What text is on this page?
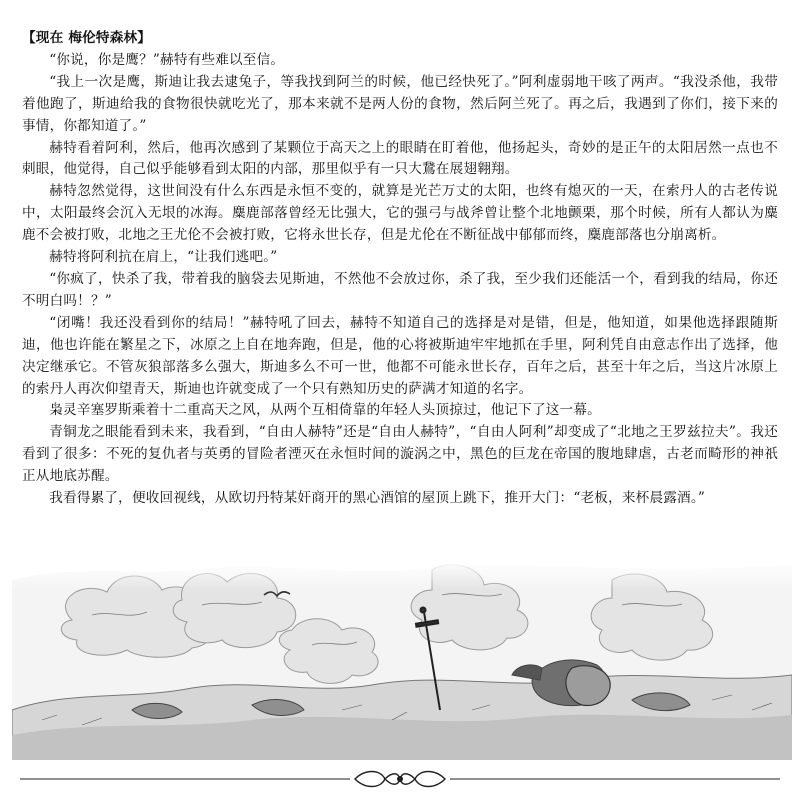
【现在 梅伦特森林】

“你说，你是鹰？”赫特有些难以至信。

“我上一次是鹰，斯迪让我去逮兔子，等我找到阿兰的时候，他已经快死了。”阿利虚弱地干咳了两声。“我没杀他，我带着他跑了，斯迪给我的食物很快就吃光了，那本来就不是两人份的食物，然后阿兰死了。再之后，我遇到了你们，接下来的事情，你都知道了。”

赫特看着阿利，然后，他再次感到了某颗位于高天之上的眼睛在盯着他，他扬起头，奇妙的是正午的太阳居然一点也不刺眼，他觉得，自己似乎能够看到太阳的内部，那里似乎有一只大鵞在展翅翱翔。

赫特忽然觉得，这世间没有什么东西是永恒不变的，就算是光芒万丈的太阳，也终有熄灭的一天，在索丹人的古老传说中，太阳最终会沉入无垠的冰海。麋鹿部落曾经无比强大，它的强弓与战斧曾让整个北地颤栗，那个时候，所有人都认为麋鹿不会被打败，北地之王尤伦不会被打败，它将永世长存，但是尤伦在不断征战中郁郁而终，麋鹿部落也分崩离析。

赫特将阿利抗在肩上，“让我们逃吧。”

“你疯了，快杀了我，带着我的脑袋去见斯迪，不然他不会放过你，杀了我，至少我们还能活一个，看到我的结局，你还不明白吗！？”

“闭嘴！我还没看到你的结局！”赫特吼了回去，赫特不知道自己的选择是对是错，但是，他知道，如果他选择跟随斯迪，他也许能在繁星之下，冰原之上自在地奔跑，但是，他的心将被斯迪牢牢地抓在手里，阿利凭自由意志作出了选择，他决定继承它。不管灰狼部落多么强大，斯迪多么不可一世，他都不可能永世长存，百年之后，甚至十年之后，当这片冰原上的索丹人再次仰望青天，斯迪也许就变成了一个只有熟知历史的萨满才知道的名字。

枭灵辛塞罗斯乘着十二重高天之风，从两个互相倚靠的年轻人头顶掠过，他记下了这一幕。

青铜龙之眼能看到未来，我看到，“自由人赫特”还是“自由人赫特”，“自由人阿利”却变成了“北地之王罗兹拉夫”。我还看到了很多：不死的复仇者与英勇的冒险者湮灭在永恒时间的漩涡之中，黑色的巨龙在帝国的腹地肆虐，古老而畸形的神祇正从地底苏醒。

我看得累了，便收回视线，从欧切丹特某奸商开的黑心酒馆的屋顶上跳下，推开大门：“老板，来杯晨露酒。”
